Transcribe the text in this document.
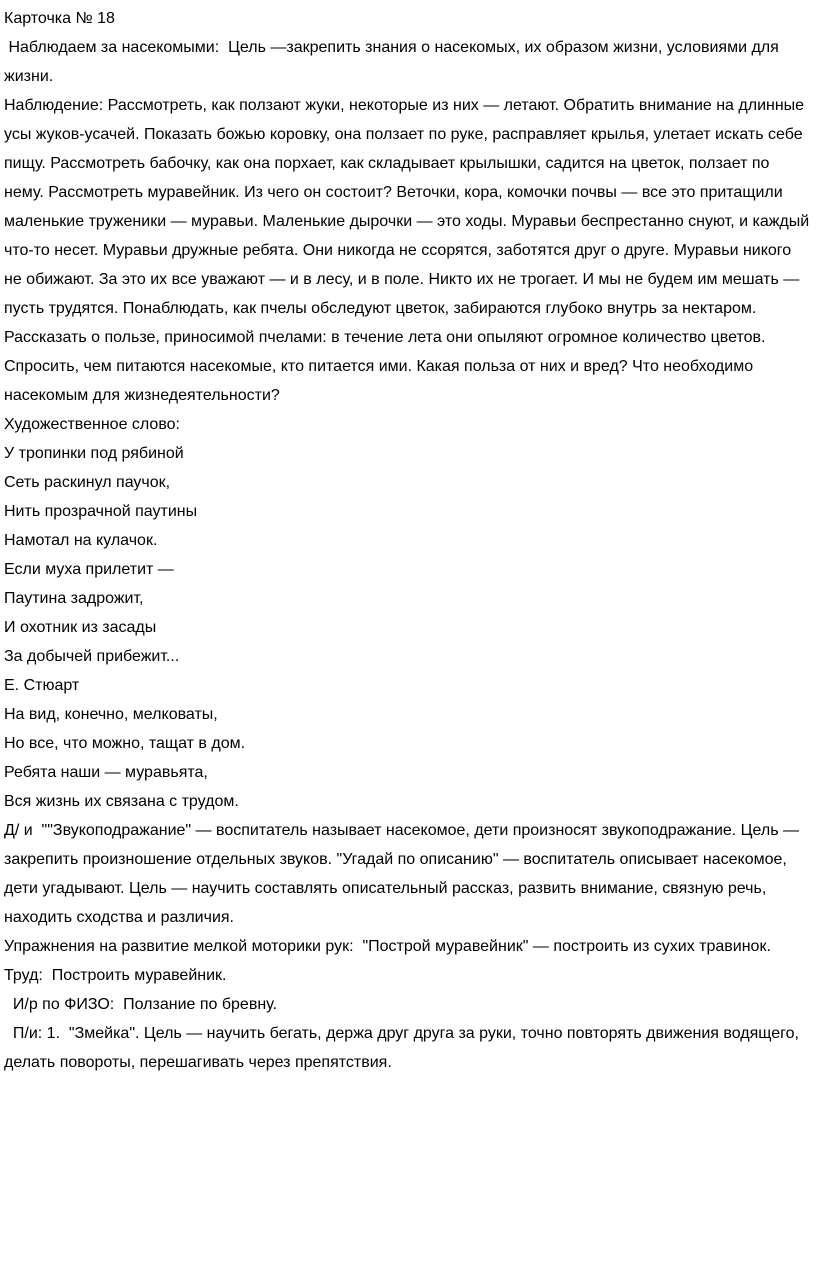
Карточка № 18

Наблюдаем за насекомыми:  Цель —закрепить знания о насекомых, их образом жизни, условиями для жизни.

Наблюдение: Рассмотреть, как ползают жуки, некоторые из них — летают. Обратить внимание на длинные усы жуков-усачей. Показать божью коровку, она ползает по руке, расправляет крылья, улетает искать себе пищу. Рассмотреть бабочку, как она порхает, как складывает крылышки, садится на цветок, ползает по нему. Рассмотреть муравейник. Из чего он состоит? Веточки, кора, комочки почвы — все это притащили маленькие труженики — муравьи. Маленькие дырочки — это ходы. Муравьи беспрестанно снуют, и каждый что-то несет. Муравьи дружные ребята. Они никогда не ссорятся, заботятся друг о друге. Муравьи никого не обижают. За это их все уважают — и в лесу, и в поле. Никто их не трогает. И мы не будем им мешать — пусть трудятся. Понаблюдать, как пчелы обследуют цветок, забираются глубоко внутрь за нектаром. Рассказать о пользе, приносимой пчелами: в течение лета они опыляют огромное количество цветов. Спросить, чем питаются насекомые, кто питается ими. Какая польза от них и вред? Что необходимо насекомым для жизнедеятельности?

Художественное слово:

У тропинки под рябиной

Сеть раскинул паучок,

Нить прозрачной паутины

Намотал на кулачок.

Если муха прилетит —

Паутина задрожит,

И охотник из засады

За добычей прибежит...

Е. Стюарт

На вид, конечно, мелковаты,

Но все, что можно, тащат в дом.

Ребята наши — муравьята,

Вся жизнь их связана с трудом.

Д/ и  ""Звукоподражание" — воспитатель называет насекомое, дети произносят звукоподражание. Цель — закрепить произношение отдельных звуков. "Угадай по описанию" — воспитатель описывает насекомое, дети угадывают. Цель — научить составлять описательный рассказ, развить внимание, связную речь, находить сходства и различия.

Упражнения на развитие мелкой моторики рук:  "Построй муравейник" — построить из сухих травинок.

Труд:  Построить муравейник.

И/р по ФИЗО:  Ползание по бревну.

П/и: 1.  "Змейка". Цель — научить бегать, держа друг друга за руки, точно повторять движения водящего, делать повороты, перешагивать через препятствия.
